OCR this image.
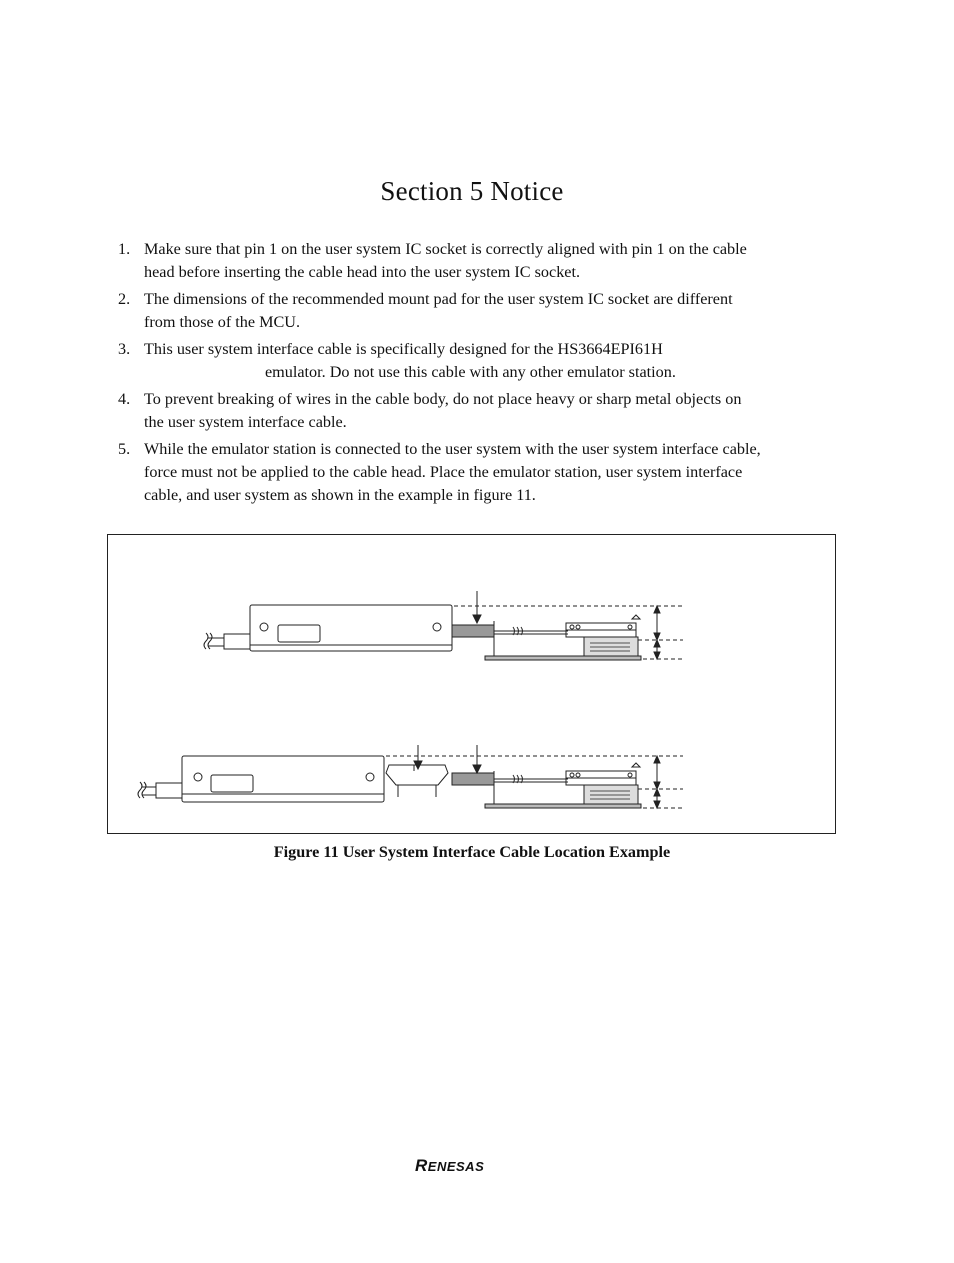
Section 5 Notice
1. Make sure that pin 1 on the user system IC socket is correctly aligned with pin 1 on the cable
head before inserting the cable head into the user system IC socket.
2. The dimensions of the recommended mount pad for the user system IC socket are different
from those of the MCU.
3. This user system interface cable is specifically designed for the HS3664EPI61H
emulator. Do not use this cable with any other emulator station.
4. To prevent breaking of wires in the cable body, do not place heavy or sharp metal objects on
the user system interface cable.
5. While the emulator station is connected to the user system with the user system interface cable,
force must not be applied to the cable head. Place the emulator station, user system interface
cable, and user system as shown in the example in figure 11.
Figure 11 User System Interface Cable Location Example
RENESAS
